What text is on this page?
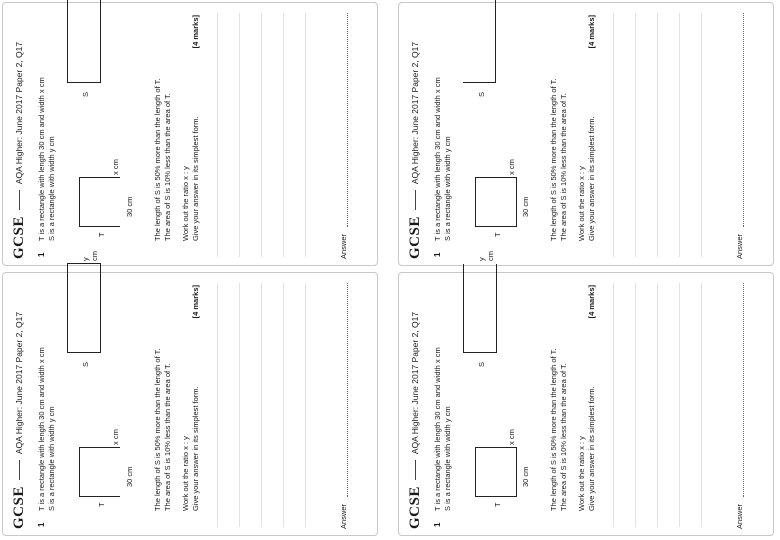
GCSE
AQA Higher: June 2017 Paper 2, Q17
1
T is a rectangle with length 30 cm and width x cm S is a rectangle with width y cm	T
30 cm
x cm
S	The length of S is 50% more than the length of T. The area of S is 10% less than the area of T. Work out the ratio x : y Give your answer in its simplest form.
[4 marks]
Answer	GCSE
AQA Higher: June 2017 Paper 2, Q17
1
T is a rectangle with length 30 cm and width x cm S is a rectangle with width y cm	T
30 cm
x cm
S	The length of S is 50% more than the length of T. The area of S is 10% less than the area of T. Work out the ratio x : y Give your answer in its simplest form.
[4 marks]
Answer
GCSE
AQA Higher: June 2017 Paper 2, Q17
1
T is a rectangle with length 30 cm and width x cm S is a rectangle with width y cm	T
30 cm
x cm
S
y cm
The length of S is 50% more than the length of T. The area of S is 10% less than the area of T. Work out the ratio x : y Give your answer in its simplest form.
[4 marks]
Answer	GCSE
AQA Higher: June 2017 Paper 2, Q17
1
T is a rectangle with length 30 cm and width x cm S is a rectangle with width y cm	T
30 cm
x cm
S
y cm
The length of S is 50% more than the length of T. The area of S is 10% less than the area of T. Work out the ratio x : y Give your answer in its simplest form.
[4 marks]
Answer
